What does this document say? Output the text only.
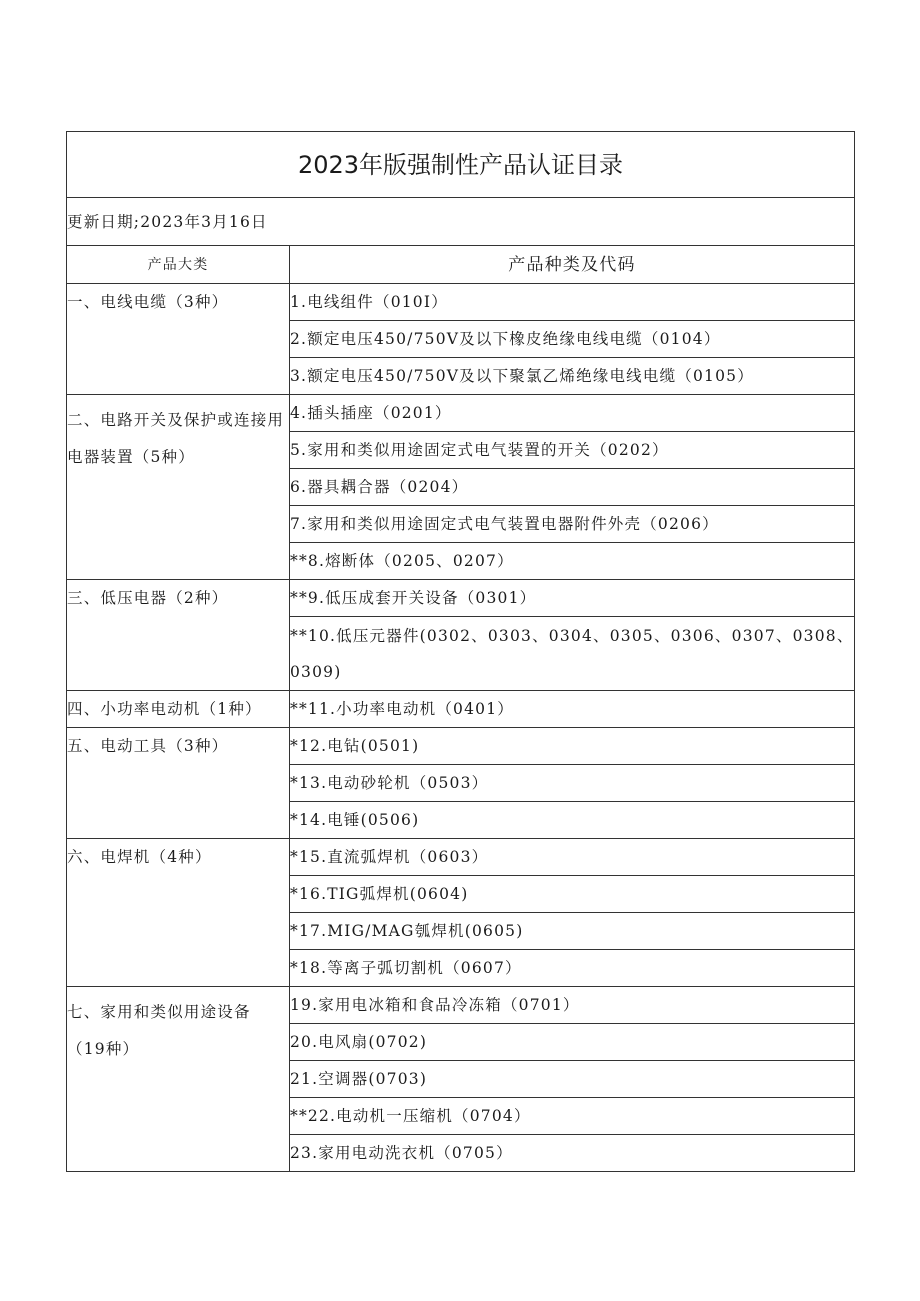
2023年版强制性产品认证目录	
更新日期;2023年3月16日	
产品大类	产品种类及代码

一、电线电缆（3种）	1.电线组件（010I）
	2.额定电压450/750V及以下橡皮绝缘电线电缆（0104）
	3.额定电压450/750V及以下聚氯乙烯绝缘电线电缆（0105）

二、电路开关及保护或连接用电器装置（5种）	4.插头插座（0201）
	5.家用和类似用途固定式电气装置的开关（0202）
	6.器具耦合器（0204）
	7.家用和类似用途固定式电气装置电器附件外壳（0206）
	**8.熔断体（0205、0207）

三、低压电器（2种）	**9.低压成套开关设备（0301）
	**10.低压元器件(0302、0303、0304、0305、0306、0307、0308、0309)

四、小功率电动机（1种）	**11.小功率电动机（0401）

五、电动工具（3种）	*12.电钻(0501)
	*13.电动砂轮机（0503）
	*14.电锤(0506)

六、电焊机（4种）	*15.直流弧焊机（0603）
	*16.TIG弧焊机(0604)
	*17.MIG/MAG瓠焊机(0605)
	*18.等离子弧切割机（0607）

七、家用和类似用途设备（19种）	19.家用电冰箱和食品冷冻箱（0701）
	20.电风扇(0702)
	21.空调器(0703)
	**22.电动机一压缩机（0704）
	23.家用电动洗衣机（0705）
